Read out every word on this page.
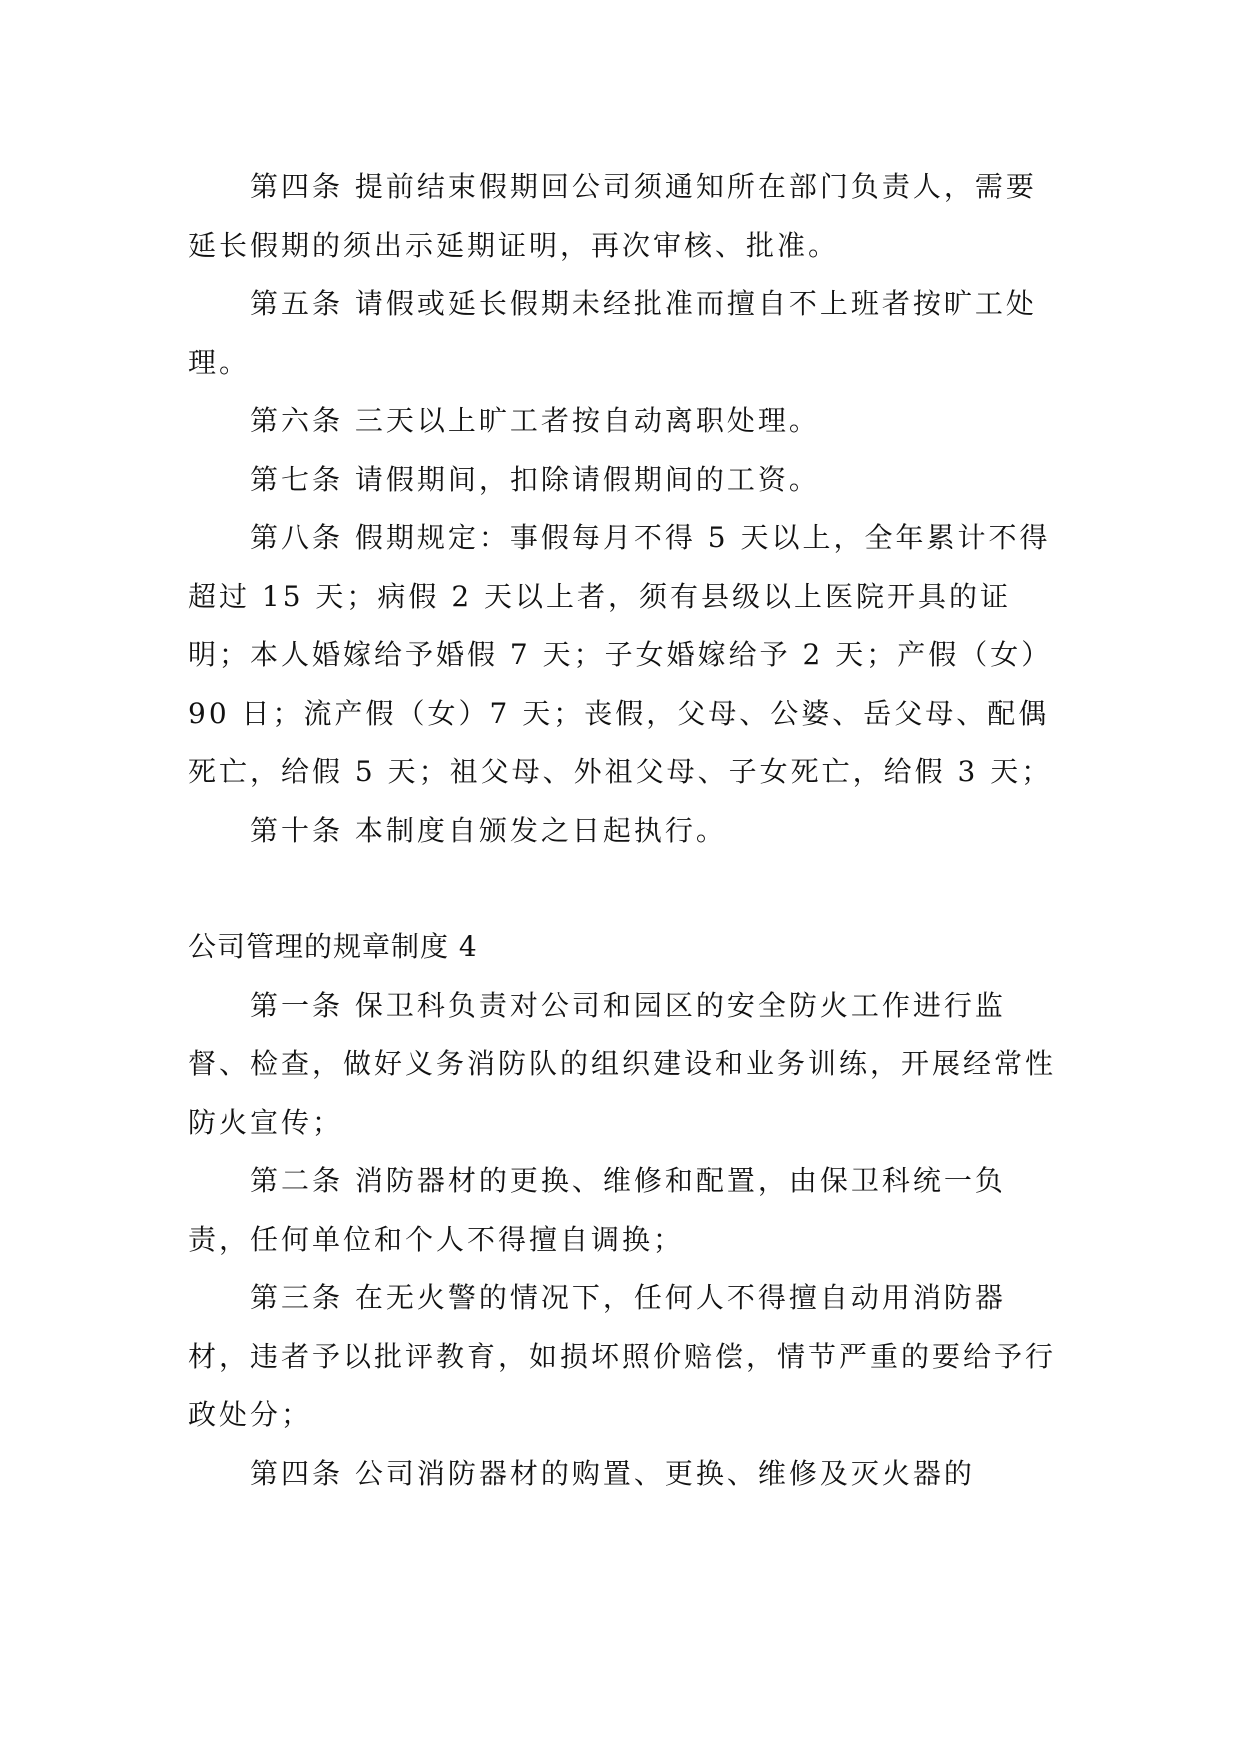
第四条 提前结束假期回公司须通知所在部门负责人，需要延长假期的须出示延期证明，再次审核、批准。

第五条 请假或延长假期未经批准而擅自不上班者按旷工处理。

第六条 三天以上旷工者按自动离职处理。

第七条 请假期间，扣除请假期间的工资。

第八条 假期规定：事假每月不得 5 天以上，全年累计不得超过 15 天；病假 2 天以上者，须有县级以上医院开具的证明；本人婚嫁给予婚假 7 天；子女婚嫁给予 2 天；产假（女）90 日；流产假（女）7 天；丧假，父母、公婆、岳父母、配偶死亡，给假 5 天；祖父母、外祖父母、子女死亡，给假 3 天；

第十条 本制度自颁发之日起执行。

公司管理的规章制度 4

第一条 保卫科负责对公司和园区的安全防火工作进行监督、检查，做好义务消防队的组织建设和业务训练，开展经常性防火宣传；

第二条 消防器材的更换、维修和配置，由保卫科统一负责，任何单位和个人不得擅自调换；

第三条 在无火警的情况下，任何人不得擅自动用消防器材，违者予以批评教育，如损坏照价赔偿，情节严重的要给予行政处分；

第四条 公司消防器材的购置、更换、维修及灭火器的
